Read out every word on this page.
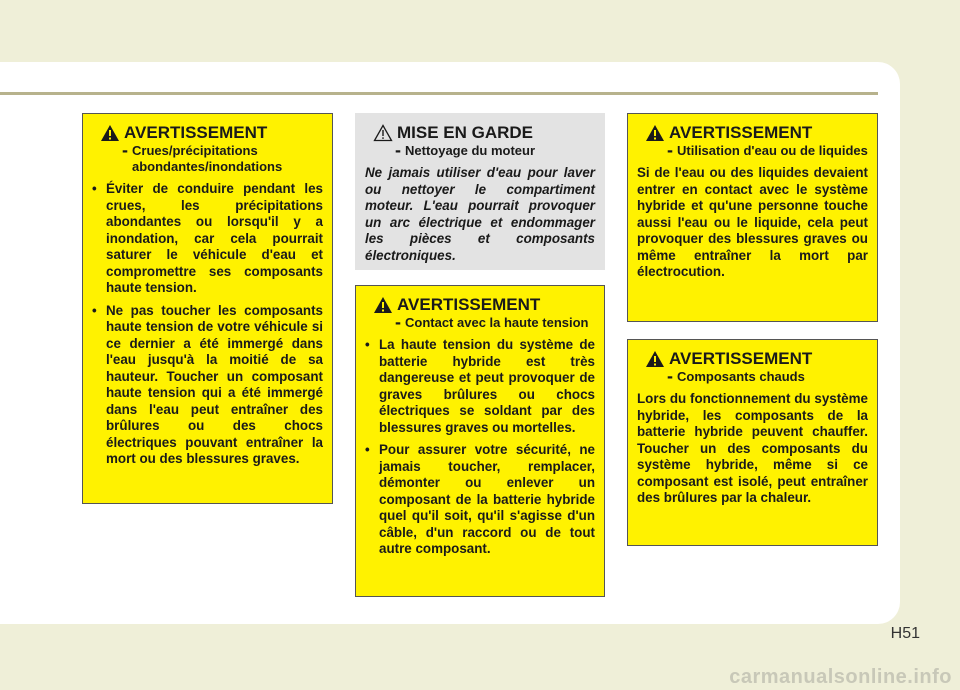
AVERTISSEMENT
- Crues/précipitations abondantes/inondations
• Éviter de conduire pendant les crues, les précipitations abondantes ou lorsqu'il y a inondation, car cela pourrait saturer le véhicule d'eau et compromettre ses composants haute tension.
• Ne pas toucher les composants haute tension de votre véhicule si ce dernier a été immergé dans l'eau jusqu'à la moitié de sa hauteur. Toucher un composant haute tension qui a été immergé dans l'eau peut entraîner des brûlures ou des chocs électriques pouvant entraîner la mort ou des blessures graves.
MISE EN GARDE
- Nettoyage du moteur
Ne jamais utiliser d'eau pour laver ou nettoyer le compartiment moteur. L'eau pourrait provoquer un arc électrique et endommager les pièces et composants électroniques.
AVERTISSEMENT
- Contact avec la haute tension
• La haute tension du système de batterie hybride est très dangereuse et peut provoquer de graves brûlures ou chocs électriques se soldant par des blessures graves ou mortelles.
• Pour assurer votre sécurité, ne jamais toucher, remplacer, démonter ou enlever un composant de la batterie hybride quel qu'il soit, qu'il s'agisse d'un câble, d'un raccord ou de tout autre composant.
AVERTISSEMENT
- Utilisation d'eau ou de liquides
Si de l'eau ou des liquides devaient entrer en contact avec le système hybride et qu'une personne touche aussi l'eau ou le liquide, cela peut provoquer des blessures graves ou même entraîner la mort par électrocution.
AVERTISSEMENT
- Composants chauds
Lors du fonctionnement du système hybride, les composants de la batterie hybride peuvent chauffer. Toucher un des composants du système hybride, même si ce composant est isolé, peut entraîner des brûlures par la chaleur.
H51
carmanualsonline.info
